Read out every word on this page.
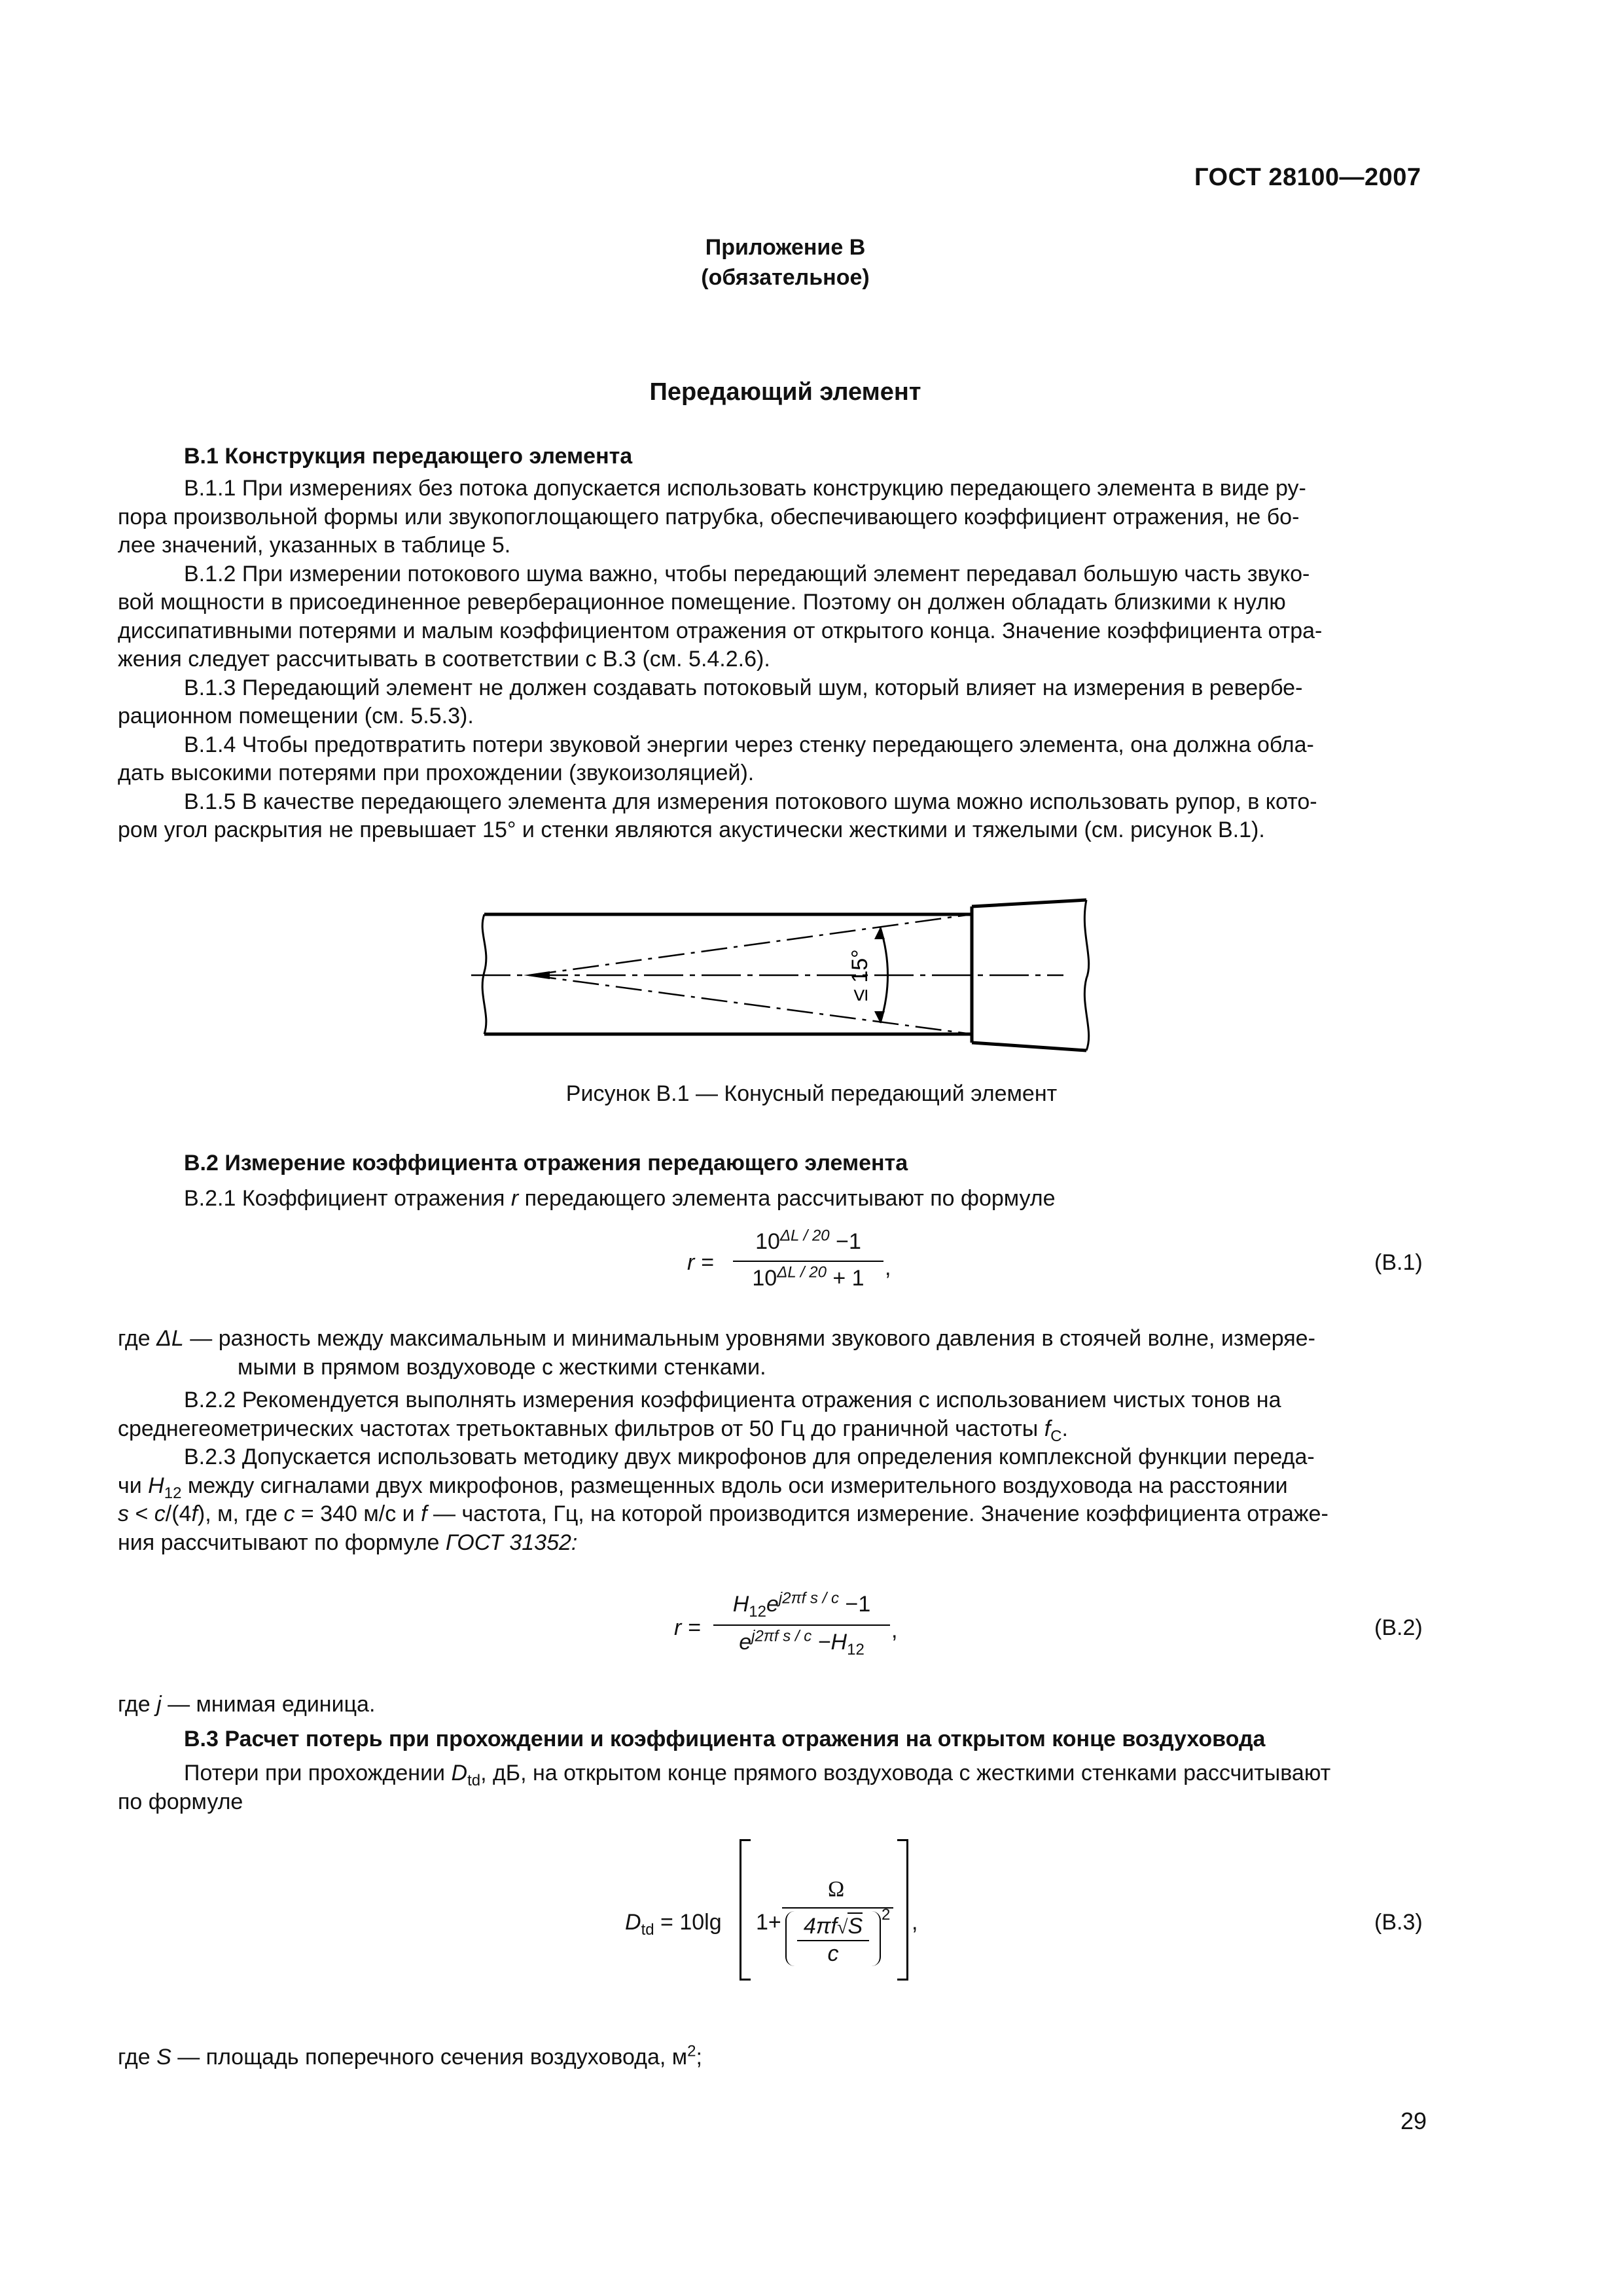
ГОСТ 28100—2007
Приложение В
(обязательное)
Передающий элемент
В.1 Конструкция передающего элемента
В.1.1 При измерениях без потока допускается использовать конструкцию передающего элемента в виде ру-
пора произвольной формы или звукопоглощающего патрубка, обеспечивающего коэффициент отражения, не бо-
лее значений, указанных в таблице 5.
В.1.2 При измерении потокового шума важно, чтобы передающий элемент передавал большую часть звуко-
вой мощности в присоединенное реверберационное помещение. Поэтому он должен обладать близкими к нулю
диссипативными потерями и малым коэффициентом отражения от открытого конца. Значение коэффициента отра-
жения следует рассчитывать в соответствии с В.3 (см. 5.4.2.6).
В.1.3 Передающий элемент не должен создавать потоковый шум, который влияет на измерения в ревербе-
рационном помещении (см. 5.5.3).
В.1.4 Чтобы предотвратить потери звуковой энергии через стенку передающего элемента, она должна обла-
дать высокими потерями при прохождении (звукоизоляцией).
В.1.5 В качестве передающего элемента для измерения потокового шума можно использовать рупор, в кото-
ром угол раскрытия не превышает 15° и стенки являются акустически жесткими и тяжелыми (см. рисунок В.1).
≤ 15°
Рисунок В.1 — Конусный передающий элемент
В.2 Измерение коэффициента отражения передающего элемента
В.2.1 Коэффициент отражения r передающего элемента рассчитывают по формуле
r =
$10^{\Delta L / 20} -1$
$10^{\Delta L / 20} + 1$ ,	(В.1)
где ΔL — разность между максимальным и минимальным уровнями звукового давления в стоячей волне, измеряе-
мыми в прямом воздуховоде с жесткими стенками.
В.2.2 Рекомендуется выполнять измерения коэффициента отражения с использованием чистых тонов на
среднегеометрических частотах третьоктавных фильтров от 50 Гц до граничной частоты $f_C$.
В.2.3 Допускается использовать методику двух микрофонов для определения комплексной функции переда-
чи $H_{12}$ между сигналами двух микрофонов, размещенных вдоль оси измерительного воздуховода на расстоянии
s < c/(4f), м, где c = 340 м/с и f — частота, Гц, на которой производится измерение. Значение коэффициента отраже-
ния рассчитывают по формуле ГОСТ 31352:
r =
$H_{12}e^{j2\pi f s / c} -1$
$e^{j2\pi f s / c} -H_{12}$
,	(В.2)
где j — мнимая единица.
В.3 Расчет потерь при прохождении и коэффициента отражения на открытом конце воздуховода
Потери при прохождении $D_{td}$, дБ, на открытом конце прямого воздуховода с жесткими стенками рассчитывают
по формуле
$D_{td} = 10\lg$ 1+
Ω
4πf√S
c
2 ,	(В.3)
где S — площадь поперечного сечения воздуховода, $м^2$;
29
